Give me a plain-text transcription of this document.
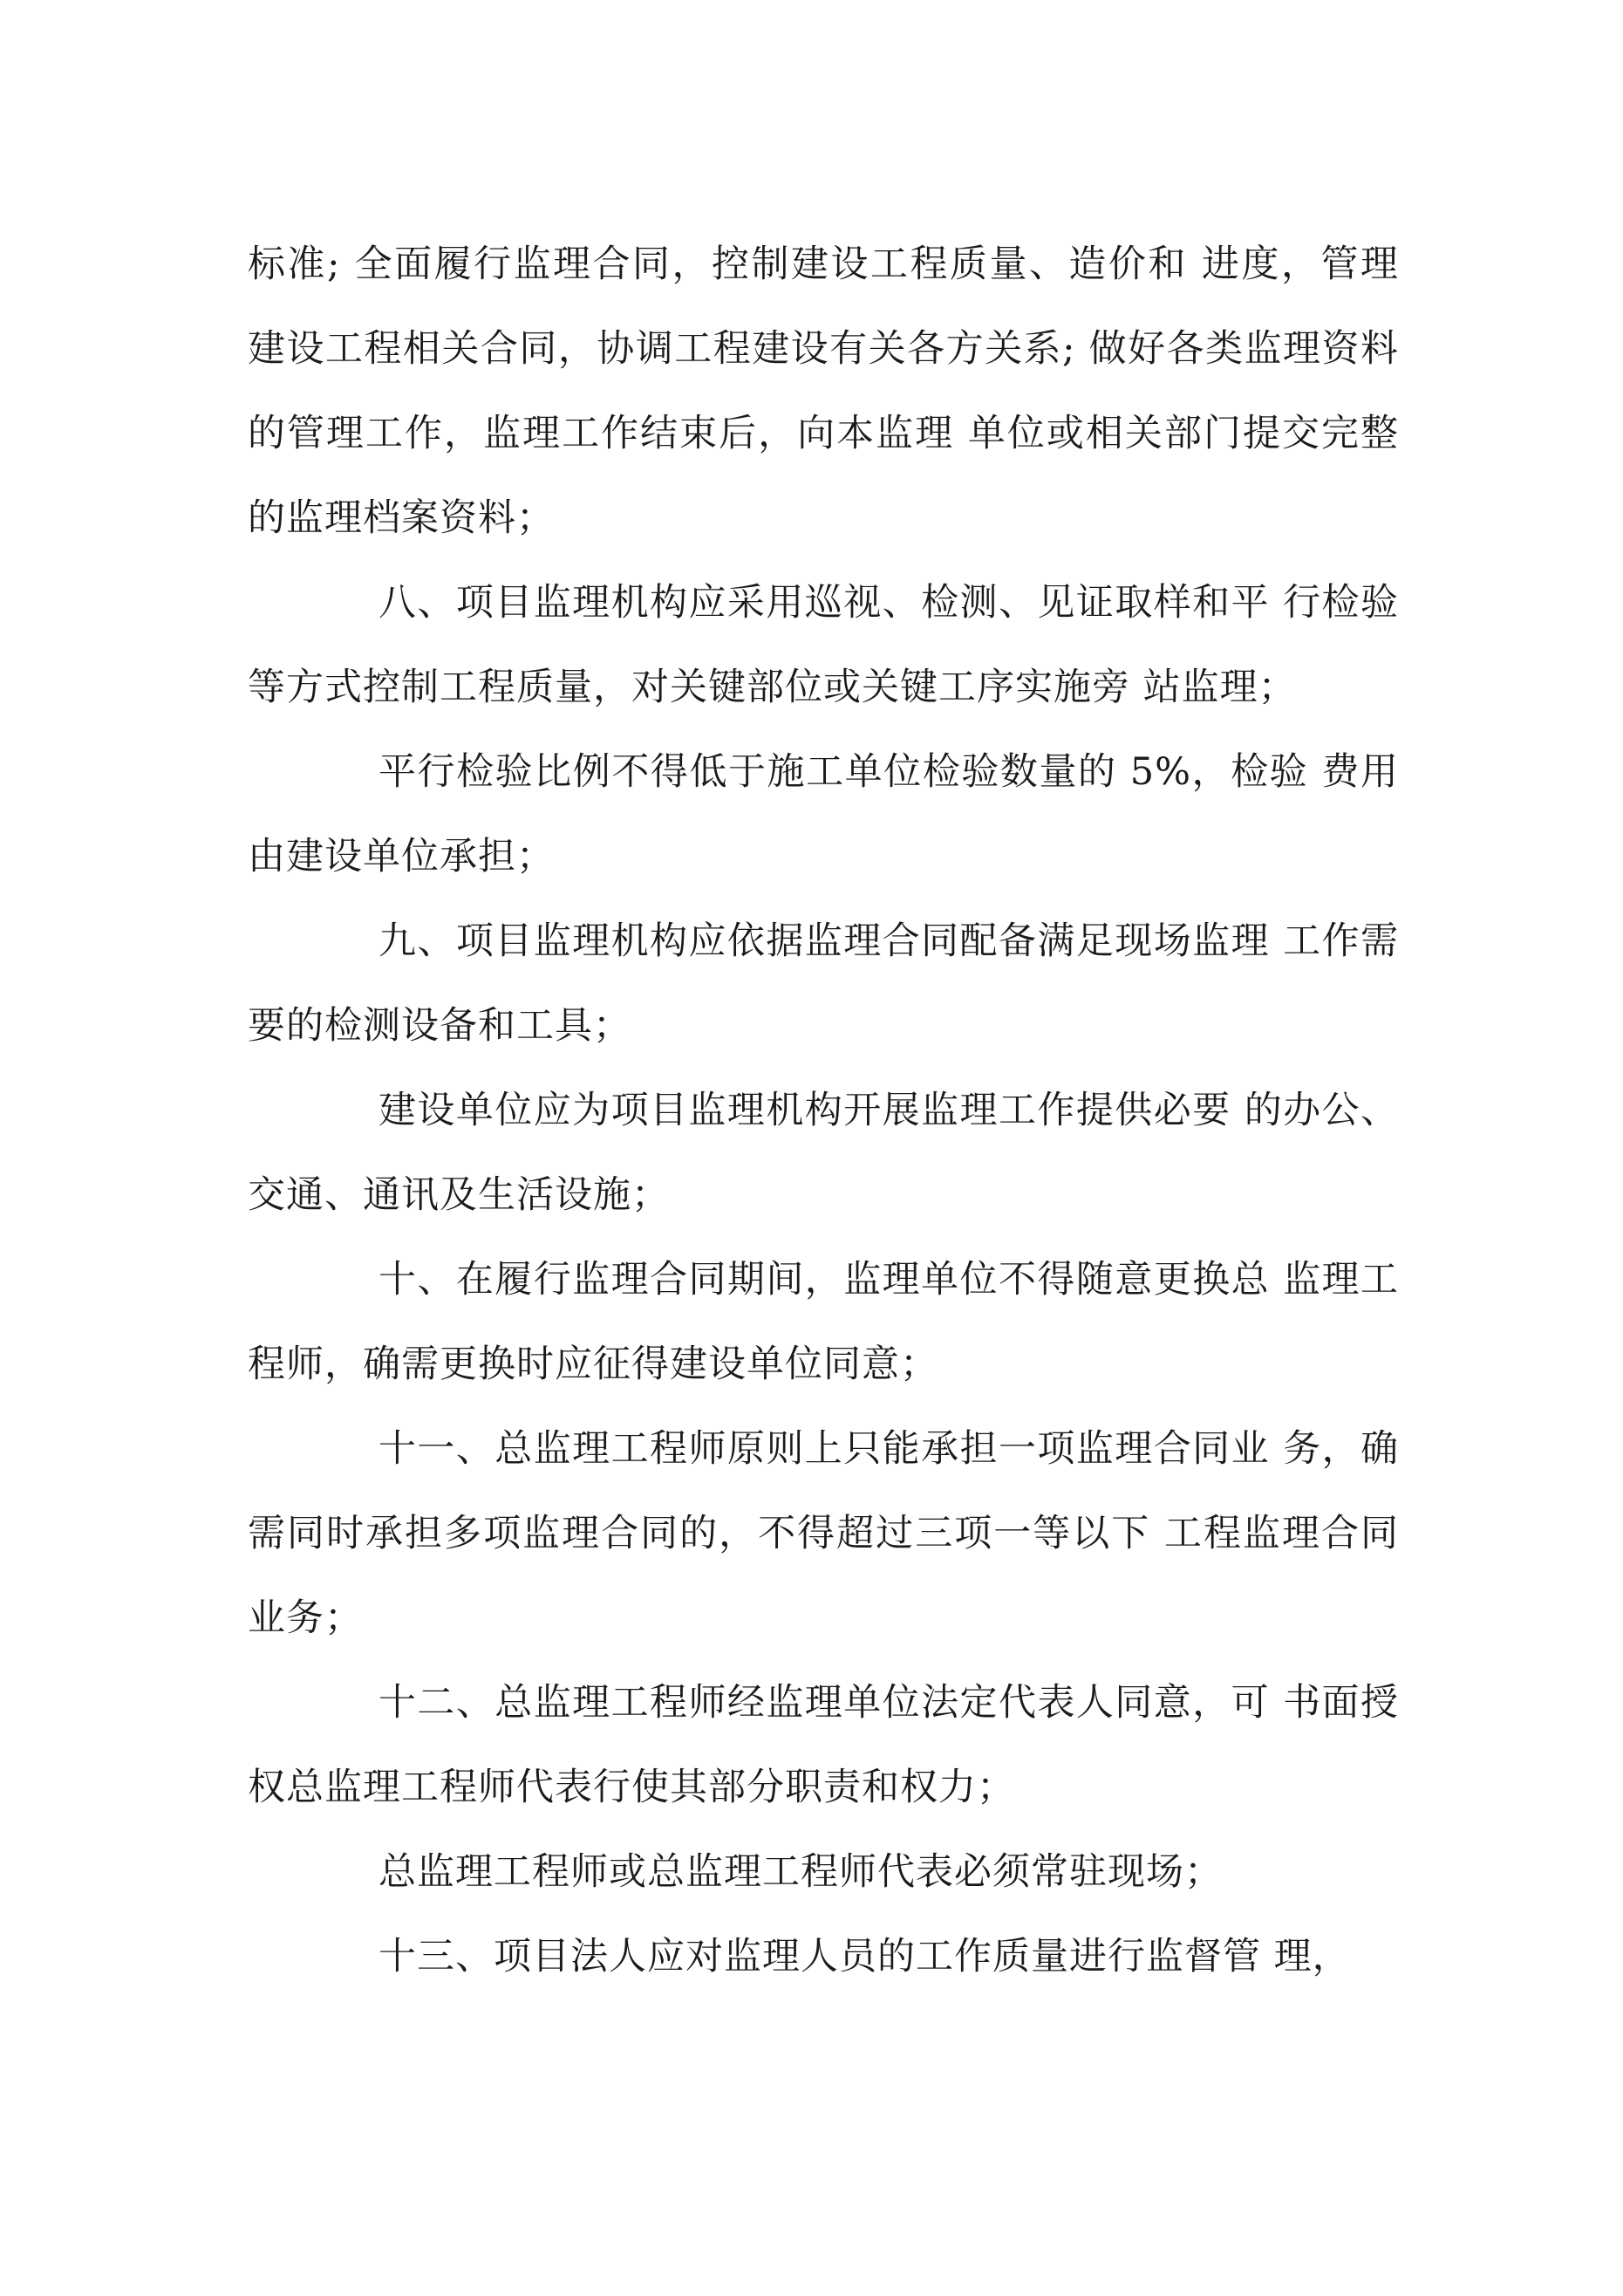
标准; 全面履行监理合同，控制建设工程质量、造价和 进度，管理建设工程相关合同，协调工程建设有关各方关系; 做好各类监理资料的管理工作，监理工作结束后，向本监理 单位或相关部门提交完整的监理档案资料；

八、项目监理机构应采用巡视、检测、见证取样和平 行检验等方式控制工程质量，对关键部位或关键工序实施旁 站监理；

平行检验比例不得低于施工单位检验数量的 5%，检验 费用由建设单位承担；

九、项目监理机构应依据监理合同配备满足现场监理 工作需要的检测设备和工具；

建设单位应为项目监理机构开展监理工作提供必要 的办公、交通、通讯及生活设施；

十、在履行监理合同期间，监理单位不得随意更换总 监理工程师，确需更换时应征得建设单位同意；

十一、总监理工程师原则上只能承担一项监理合同业 务，确需同时承担多项监理合同的，不得超过三项一等以下 工程监理合同业务；

十二、总监理工程师经监理单位法定代表人同意，可 书面授权总监理工程师代表行使其部分职责和权力；

总监理工程师或总监理工程师代表必须常驻现场；

十三、项目法人应对监理人员的工作质量进行监督管 理，
